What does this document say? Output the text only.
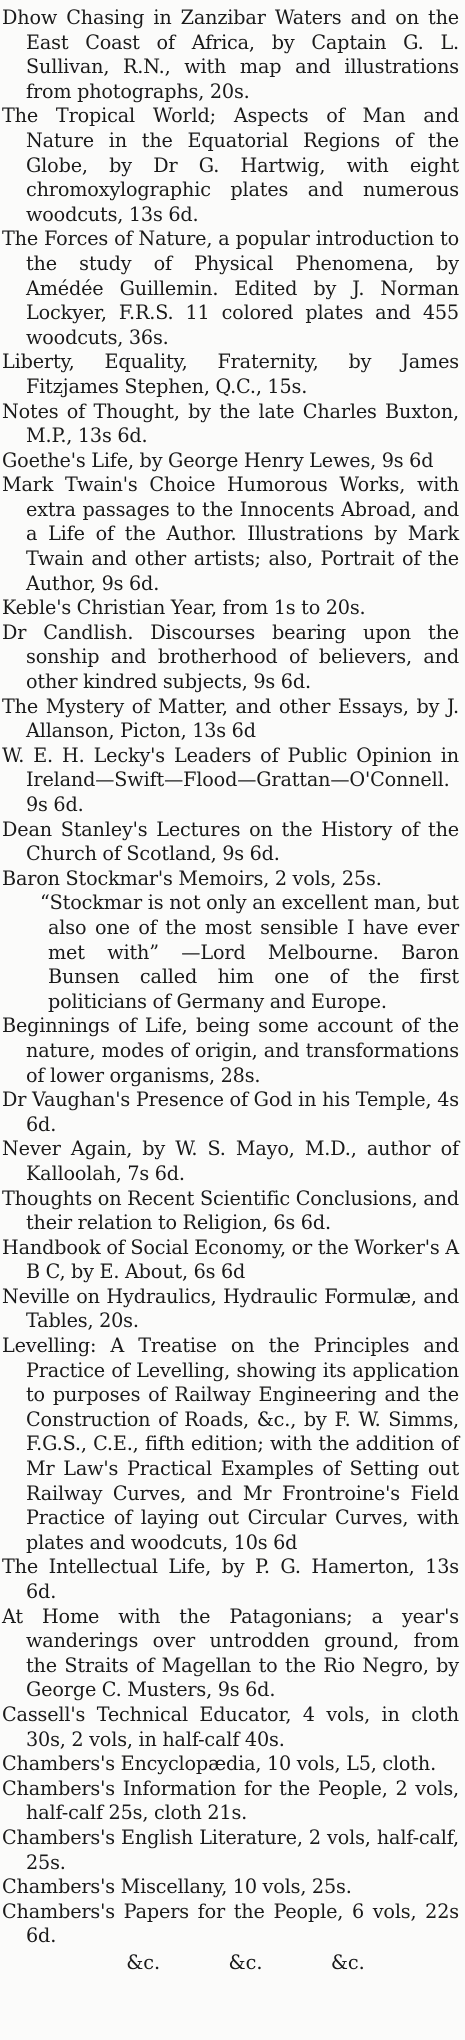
Dhow Chasing in Zanzibar Waters and on the East Coast of Africa, by Captain G. L. Sullivan, R.N., with map and illustrations from photographs, 20s.

The Tropical World; Aspects of Man and Nature in the Equatorial Regions of the Globe, by Dr G. Hartwig, with eight chromoxylographic plates and numerous woodcuts, 13s 6d.

The Forces of Nature, a popular introduction to the study of Physical Phenomena, by Amédée Guillemin. Edited by J. Norman Lockyer, F.R.S. 11 colored plates and 455 woodcuts, 36s.

Liberty, Equality, Fraternity, by James Fitzjames Stephen, Q.C., 15s.

Notes of Thought, by the late Charles Buxton, M.P., 13s 6d.

Goethe's Life, by George Henry Lewes, 9s 6d

Mark Twain's Choice Humorous Works, with extra passages to the Innocents Abroad, and a Life of the Author. Illustrations by Mark Twain and other artists; also, Portrait of the Author, 9s 6d.

Keble's Christian Year, from 1s to 20s.

Dr Candlish. Discourses bearing upon the sonship and brotherhood of believers, and other kindred subjects, 9s 6d.

The Mystery of Matter, and other Essays, by J. Allanson, Picton, 13s 6d

W. E. H. Lecky's Leaders of Public Opinion in Ireland—Swift—Flood—Grattan—O'Connell. 9s 6d.

Dean Stanley's Lectures on the History of the Church of Scotland, 9s 6d.

Baron Stockmar's Memoirs, 2 vols, 25s.

“Stockmar is not only an excellent man, but also one of the most sensible I have ever met with” —Lord Melbourne. Baron Bunsen called him one of the first politicians of Germany and Europe.

Beginnings of Life, being some account of the nature, modes of origin, and transformations of lower organisms, 28s.

Dr Vaughan's Presence of God in his Temple, 4s 6d.

Never Again, by W. S. Mayo, M.D., author of Kalloolah, 7s 6d.

Thoughts on Recent Scientific Conclusions, and their relation to Religion, 6s 6d.

Handbook of Social Economy, or the Worker's A B C, by E. About, 6s 6d

Neville on Hydraulics, Hydraulic Formulæ, and Tables, 20s.

Levelling: A Treatise on the Principles and Practice of Levelling, showing its application to purposes of Railway Engineering and the Construction of Roads, &c., by F. W. Simms, F.G.S., C.E., fifth edition; with the addition of Mr Law's Practical Examples of Setting out Railway Curves, and Mr Frontroine's Field Practice of laying out Circular Curves, with plates and woodcuts, 10s 6d

The Intellectual Life, by P. G. Hamerton, 13s 6d.

At Home with the Patagonians; a year's wanderings over untrodden ground, from the Straits of Magellan to the Rio Negro, by George C. Musters, 9s 6d.

Cassell's Technical Educator, 4 vols, in cloth 30s, 2 vols, in half-calf 40s.

Chambers's Encyclopædia, 10 vols, L5, cloth.

Chambers's Information for the People, 2 vols, half-calf 25s, cloth 21s.

Chambers's English Literature, 2 vols, half-calf, 25s.

Chambers's Miscellany, 10 vols, 25s.

Chambers's Papers for the People, 6 vols, 22s 6d.

&c.	&c.	&c.
